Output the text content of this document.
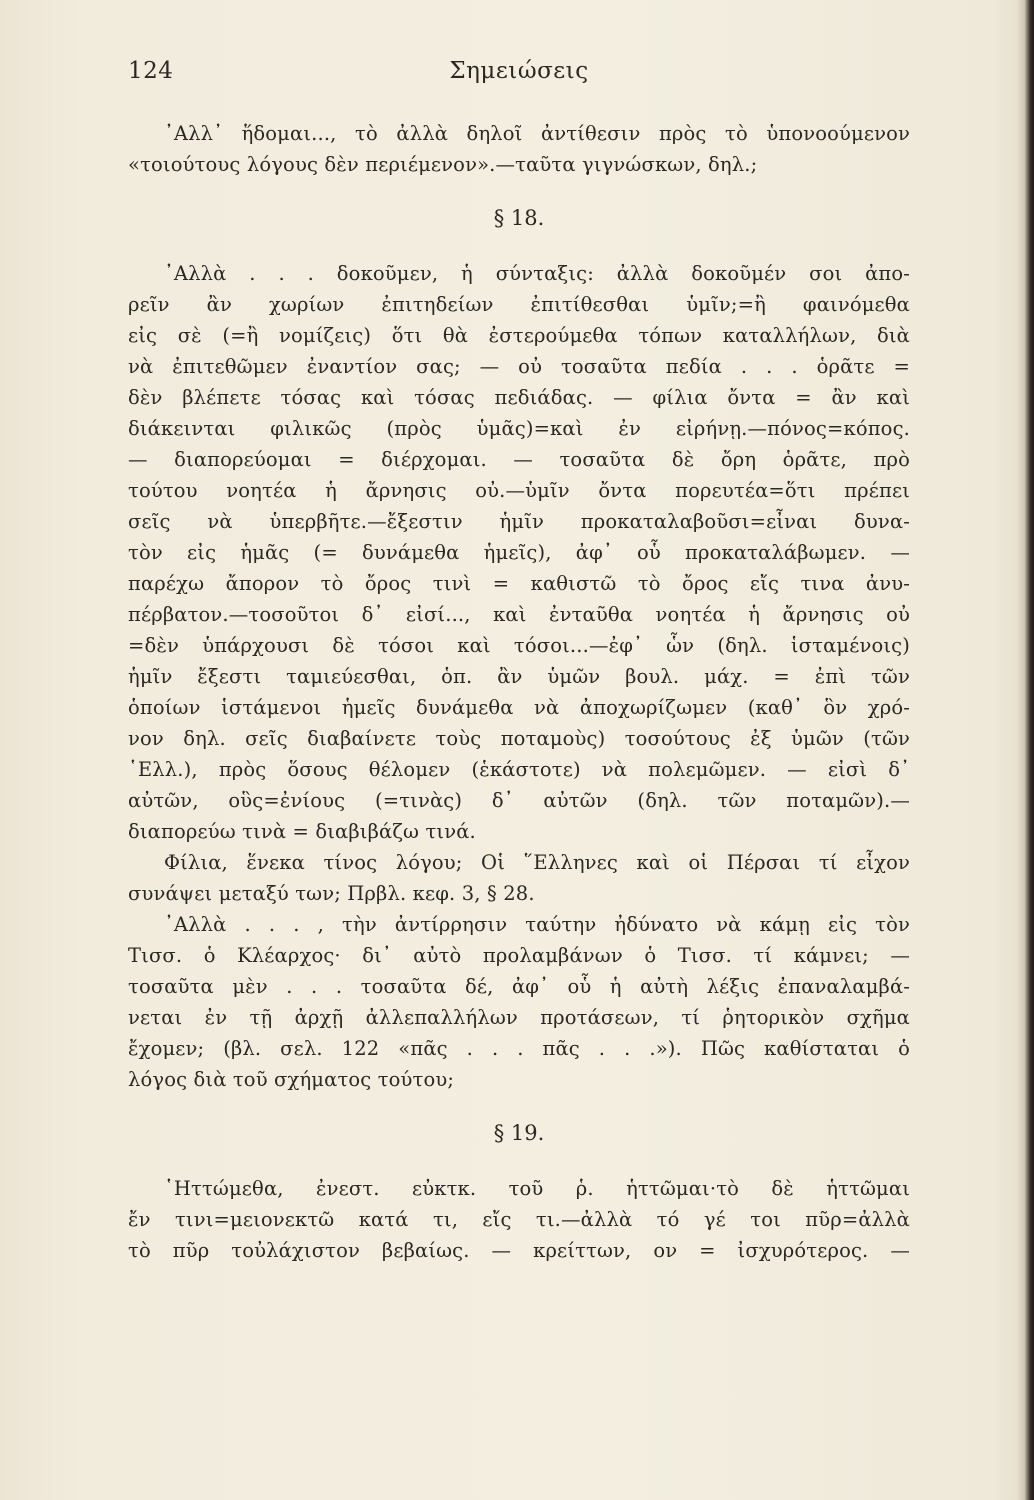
124	Σημειώσεις
᾿Αλλ᾿ ἥδομαι..., τὸ ἀλλὰ δηλοῖ ἀντίθεσιν πρὸς τὸ ὑπονοούμενον
«τοιούτους λόγους δὲν περιέμενον».—ταῦτα γιγνώσκων, δηλ.;
§ 18.
᾿Αλλὰ . . . δοκοῦμεν, ἡ σύνταξις: ἀλλὰ δοκοῦμέν σοι ἀπο-
ρεῖν ἂν χωρίων ἐπιτηδείων ἐπιτίθεσθαι ὑμῖν;=ἢ φαινόμεθα
εἰς σὲ (=ἢ νομίζεις) ὅτι θὰ ἐστερούμεθα τόπων καταλλήλων, διὰ
νὰ ἐπιτεθῶμεν ἐναντίον σας; — οὐ τοσαῦτα πεδία . . . ὁρᾶτε =
δὲν βλέπετε τόσας καὶ τόσας πεδιάδας. — φίλια ὄντα = ἂν καὶ
διάκεινται φιλικῶς (πρὸς ὑμᾶς)=καὶ ἐν εἰρήνῃ.—πόνος=κόπος.
— διαπορεύομαι = διέρχομαι. — τοσαῦτα δὲ ὄρη ὁρᾶτε, πρὸ
τούτου νοητέα ἡ ἄρνησις οὐ.—ὑμῖν ὄντα πορευτέα=ὅτι πρέπει
σεῖς νὰ ὑπερβῆτε.—ἔξεστιν ἡμῖν προκαταλαβοῦσι=εἶναι δυνα-
τὸν εἰς ἡμᾶς (= δυνάμεθα ἡμεῖς), ἀφ᾿ οὗ προκαταλάβωμεν. —
παρέχω ἄπορον τὸ ὄρος τινὶ = καθιστῶ τὸ ὄρος εἴς τινα ἀνυ-
πέρβατον.—τοσοῦτοι δ᾿ εἰσί..., καὶ ἐνταῦθα νοητέα ἡ ἄρνησις οὐ
=δὲν ὑπάρχουσι δὲ τόσοι καὶ τόσοι...—ἐφ᾿ ὧν (δηλ. ἱσταμένοις)
ἡμῖν ἔξεστι ταμιεύεσθαι, ὁπ. ἂν ὑμῶν βουλ. μάχ. = ἐπὶ τῶν
ὁποίων ἱστάμενοι ἡμεῖς δυνάμεθα νὰ ἀποχωρίζωμεν (καθ᾿ ὃν χρό-
νον δηλ. σεῖς διαβαίνετε τοὺς ποταμοὺς) τοσούτους ἐξ ὑμῶν (τῶν
῾Ελλ.), πρὸς ὅσους θέλομεν (ἑκάστοτε) νὰ πολεμῶμεν. — εἰσὶ δ᾿
αὐτῶν, οὓς=ἐνίους (=τινὰς) δ᾿ αὐτῶν (δηλ. τῶν ποταμῶν).—
διαπορεύω τινὰ = διαβιβάζω τινά.
Φίλια, ἕνεκα τίνος λόγου; Οἱ ῞Ελληνες καὶ οἱ Πέρσαι τί εἶχον
συνάψει μεταξύ των; Πρβλ. κεφ. 3, § 28.
᾿Αλλὰ . . . , τὴν ἀντίρρησιν ταύτην ἠδύνατο νὰ κάμῃ εἰς τὸν
Τισσ. ὁ Κλέαρχος· δι᾿ αὐτὸ προλαμβάνων ὁ Τισσ. τί κάμνει; —
τοσαῦτα μὲν . . . τοσαῦτα δέ, ἀφ᾿ οὗ ἡ αὐτὴ λέξις ἐπαναλαμβά-
νεται ἐν τῇ ἀρχῇ ἀλλεπαλλήλων προτάσεων, τί ῥητορικὸν σχῆμα
ἔχομεν; (βλ. σελ. 122 «πᾶς . . . πᾶς . . .»). Πῶς καθίσταται ὁ
λόγος διὰ τοῦ σχήματος τούτου;
§ 19.
῾Ηττώμεθα, ἐνεστ. εὐκτκ. τοῦ ῥ. ἡττῶμαι·τὸ δὲ ἡττῶμαι
ἔν τινι=μειονεκτῶ κατά τι, εἴς τι.—ἀλλὰ τό γέ τοι πῦρ=ἀλλὰ
τὸ πῦρ τοὐλάχιστον βεβαίως. — κρείττων, ον = ἰσχυρότερος. —
